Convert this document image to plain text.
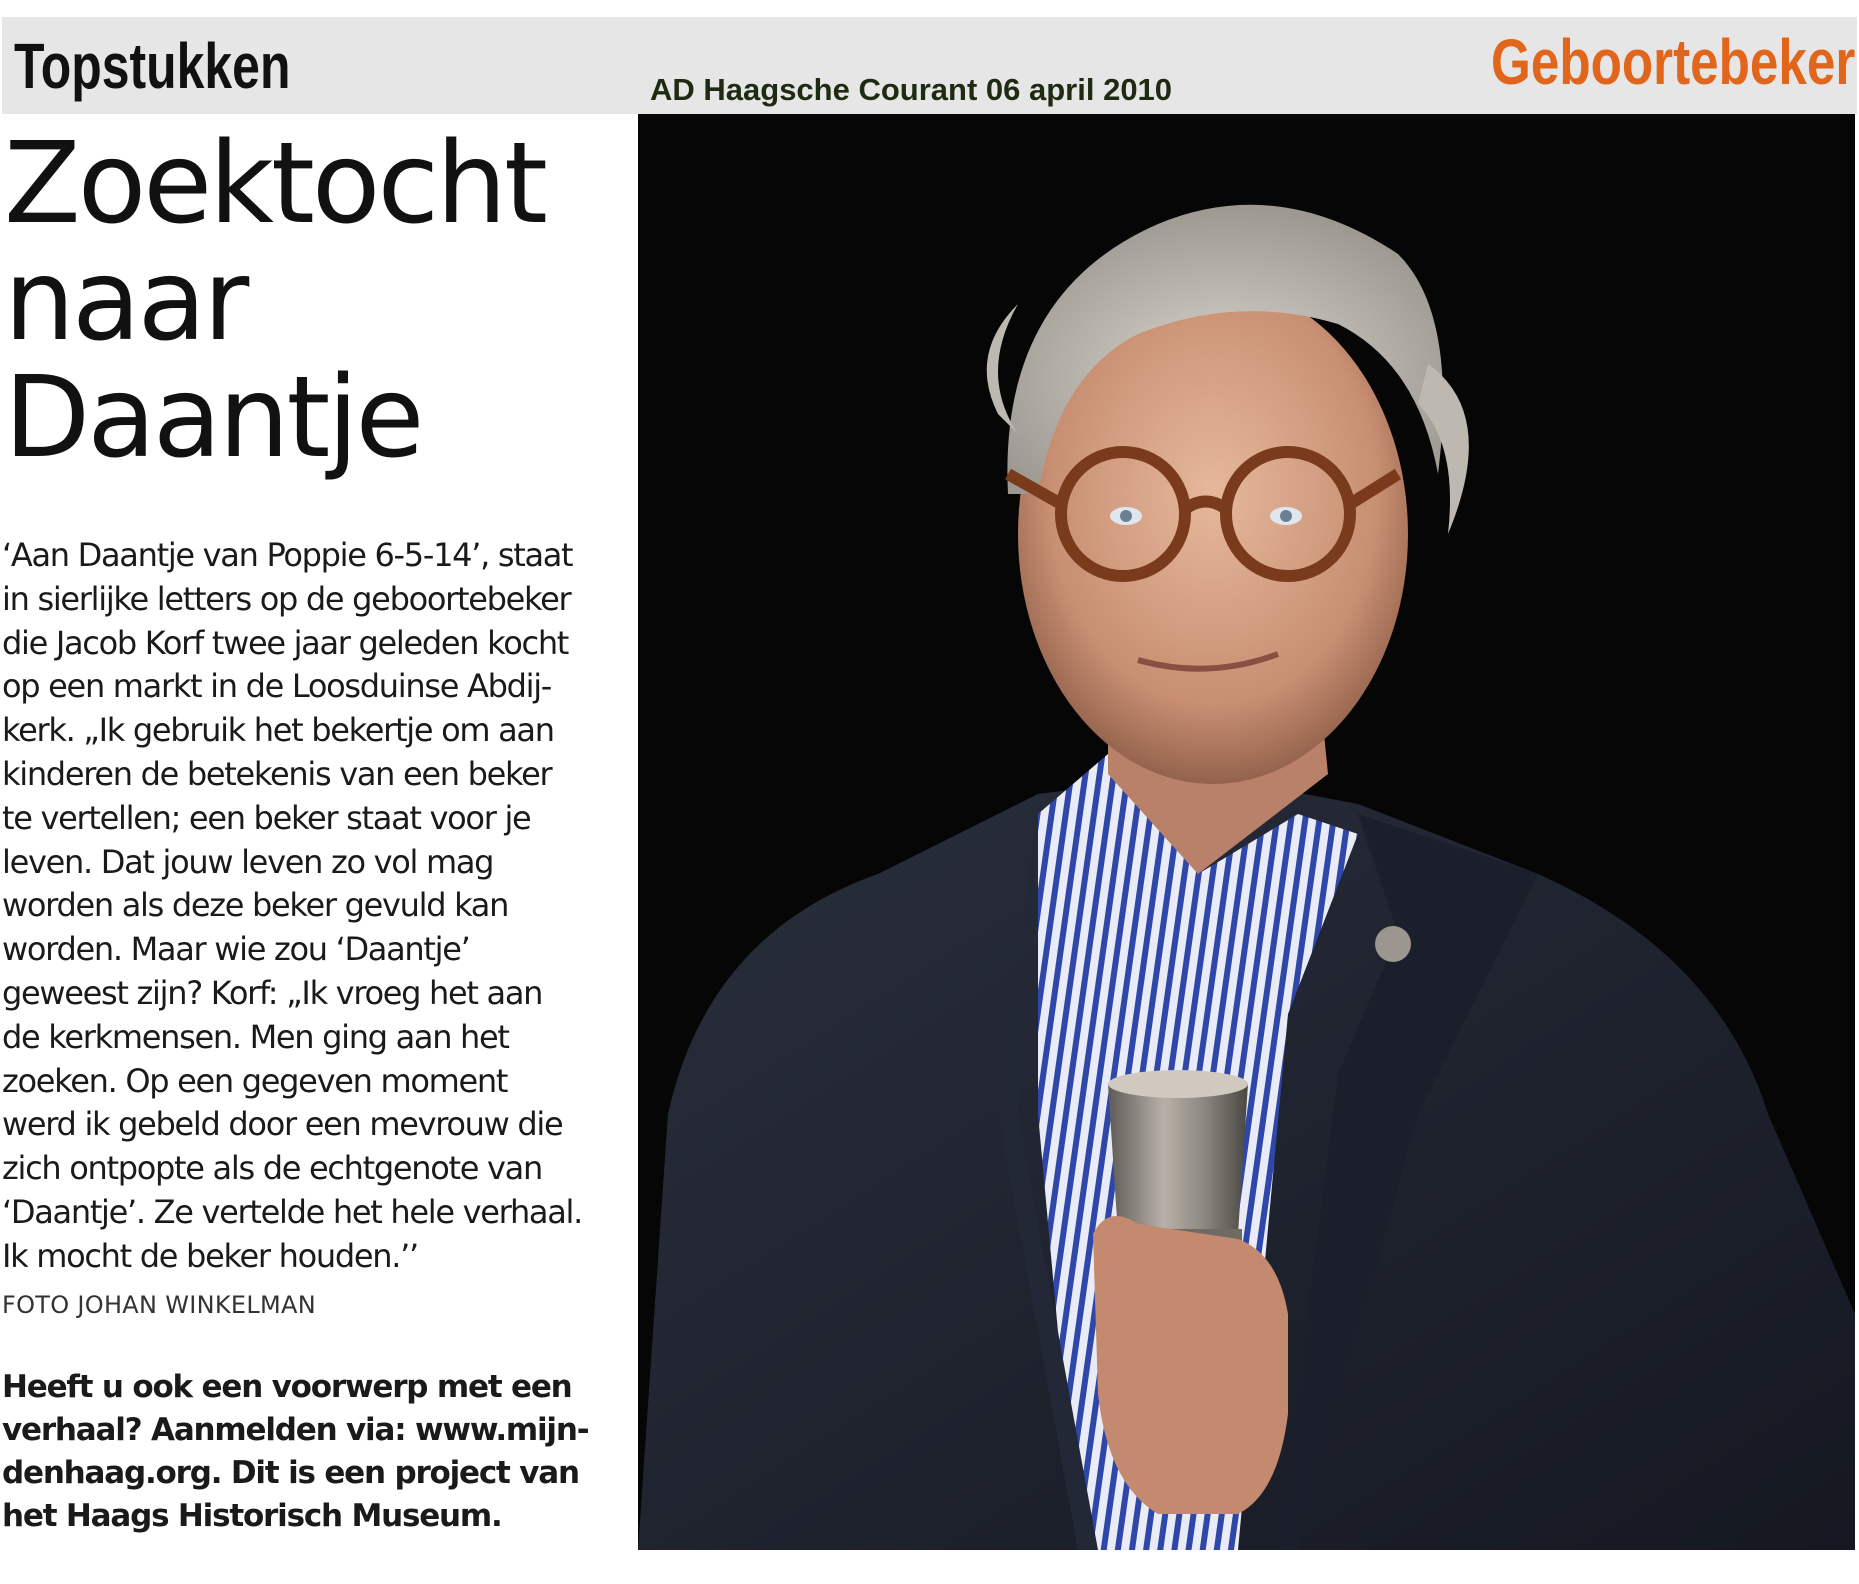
Topstukken	AD Haagsche Courant 06 april 2010	Geboortebeker
Zoektocht
naar
Daantje
‘Aan Daantje van Poppie 6-5-14’, staat
in sierlijke letters op de geboortebeker
die Jacob Korf twee jaar geleden kocht
op een markt in de Loosduinse Abdij-
kerk. „Ik gebruik het bekertje om aan
kinderen de betekenis van een beker
te vertellen; een beker staat voor je
leven. Dat jouw leven zo vol mag
worden als deze beker gevuld kan
worden. Maar wie zou ‘Daantje’
geweest zijn? Korf: „Ik vroeg het aan
de kerkmensen. Men ging aan het
zoeken. Op een gegeven moment
werd ik gebeld door een mevrouw die
zich ontpopte als de echtgenote van
‘Daantje’. Ze vertelde het hele verhaal.
Ik mocht de beker houden.’’
FOTO JOHAN WINKELMAN
Heeft u ook een voorwerp met een
verhaal? Aanmelden via: www.mijn-
denhaag.org. Dit is een project van
het Haags Historisch Museum.
